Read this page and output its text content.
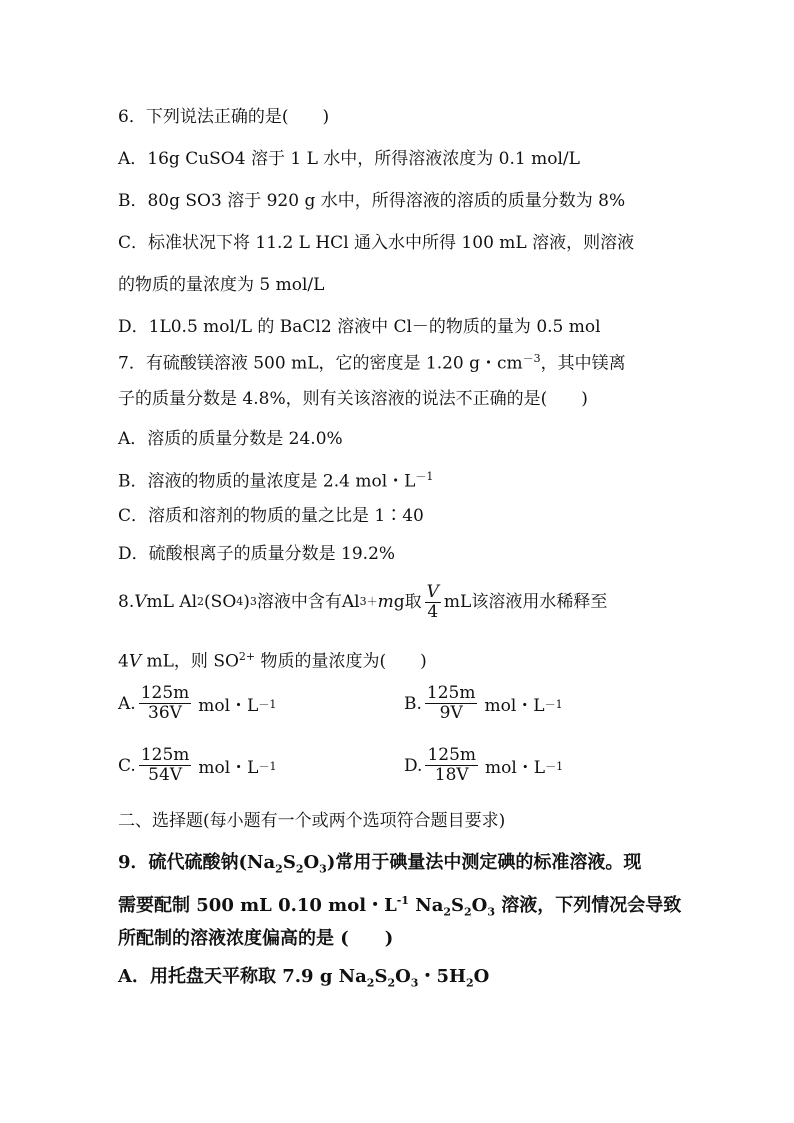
6．下列说法正确的是(　　)
A．16g CuSO4 溶于 1 L 水中，所得溶液浓度为 0.1 mol/L
B．80g SO3 溶于 920 g 水中，所得溶液的溶质的质量分数为 8%
C．标准状况下将 11.2 L HCl 通入水中所得 100 mL 溶液，则溶液
的物质的量浓度为 5 mol/L
D．1L0.5 mol/L 的 BaCl2 溶液中 Cl－的物质的量为 0.5 mol
7．有硫酸镁溶液 500 mL，它的密度是 1.20 g・$cm^{-3}$，其中镁离
子的质量分数是 4.8%，则有关该溶液的说法不正确的是(　　)
A．溶质的质量分数是 24.0%
B．溶液的物质的量浓度是 2.4 mol・$L^{-1}$
C．溶质和溶剂的物质的量之比是 1∶40
D．硫酸根离子的质量分数是 19.2%
8. V mL Al 2 (SO 4 ) 3 溶液中含有Al 3＋ m g取 $\frac{V}{4}$ mL该溶液用水稀释至
4V mL，则 $SO^{2+}$ 物质的量浓度为(　　)
A. $\frac{125m}{36V}$ mol・L －1	B. $\frac{125m}{9V}$ mol・L －1
C. $\frac{125m}{54V}$ mol・L －1	D. $\frac{125m}{18V}$ mol・L －1
二、选择题(每小题有一个或两个选项符合题目要求)
9．硫代硫酸钠$(Na_2S_2O_3)$常用于碘量法中测定碘的标准溶液。现
需要配制 500 mL 0.10 mol・$L^{-1}$ $Na_2S_2O_3$ 溶液，下列情况会导致
所配制的溶液浓度偏高的是 (　　)
A．用托盘天平称取 7.9 g $Na_2S_2O_3$・$5H_2O$
